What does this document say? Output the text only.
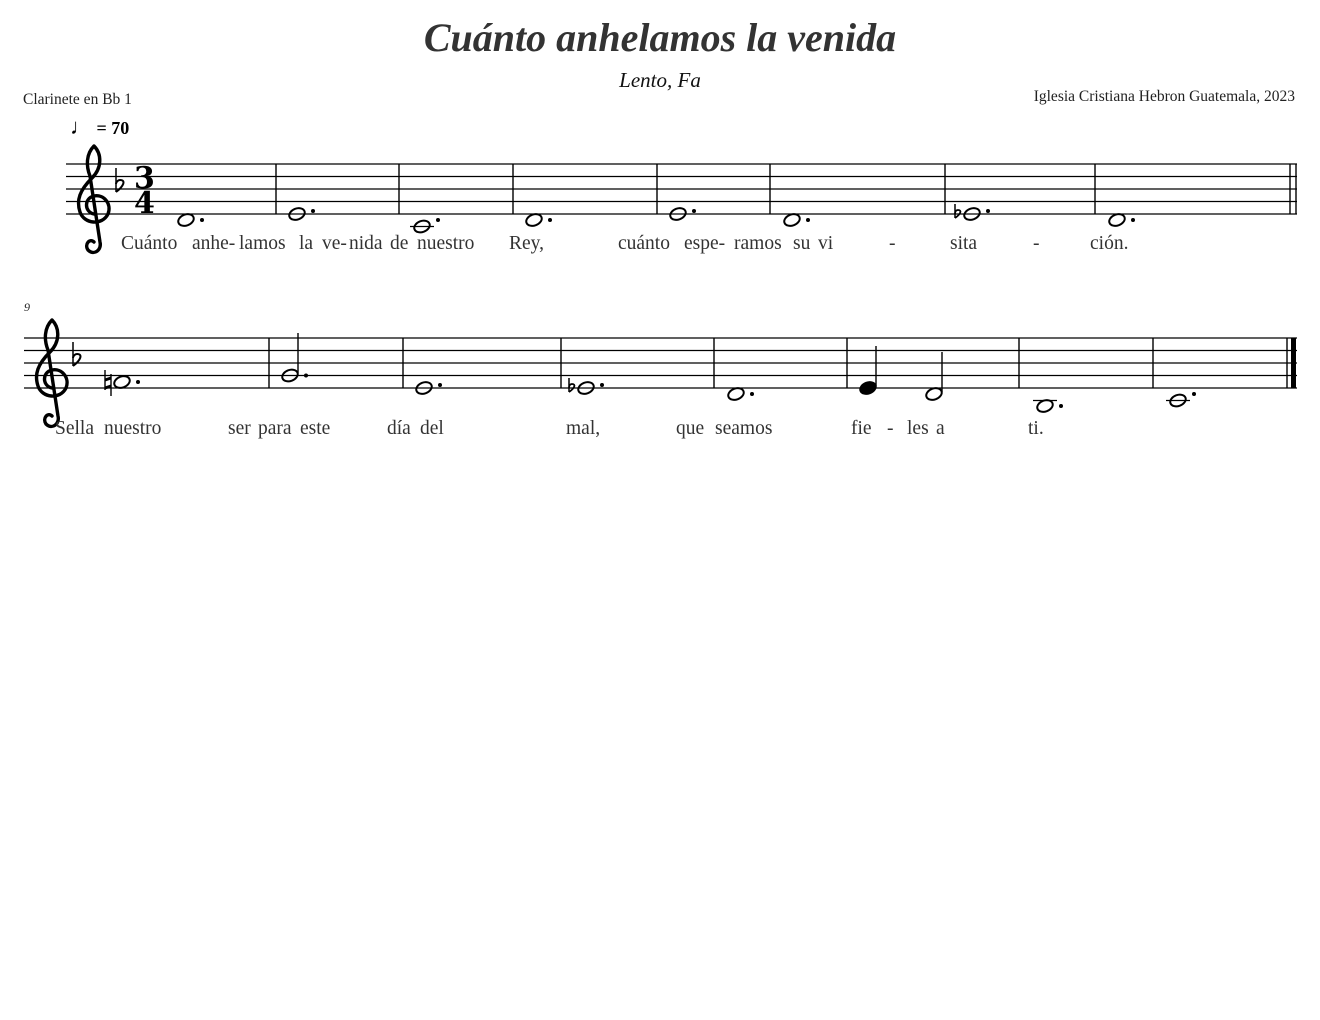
Cuánto anhelamos la venida
Lento, Fa
Clarinete en Bb 1	Iglesia Cristiana Hebron Guatemala, 2023
♩ = 70
9
3
4
Cuánto anhe- lamos la ve- nida de nuestro Rey,	cuánto espe- ramos su vi	-	sita	-	ción.
Sella nuestro	ser para este	día del	mal,	que seamos	fie - les a	ti.
